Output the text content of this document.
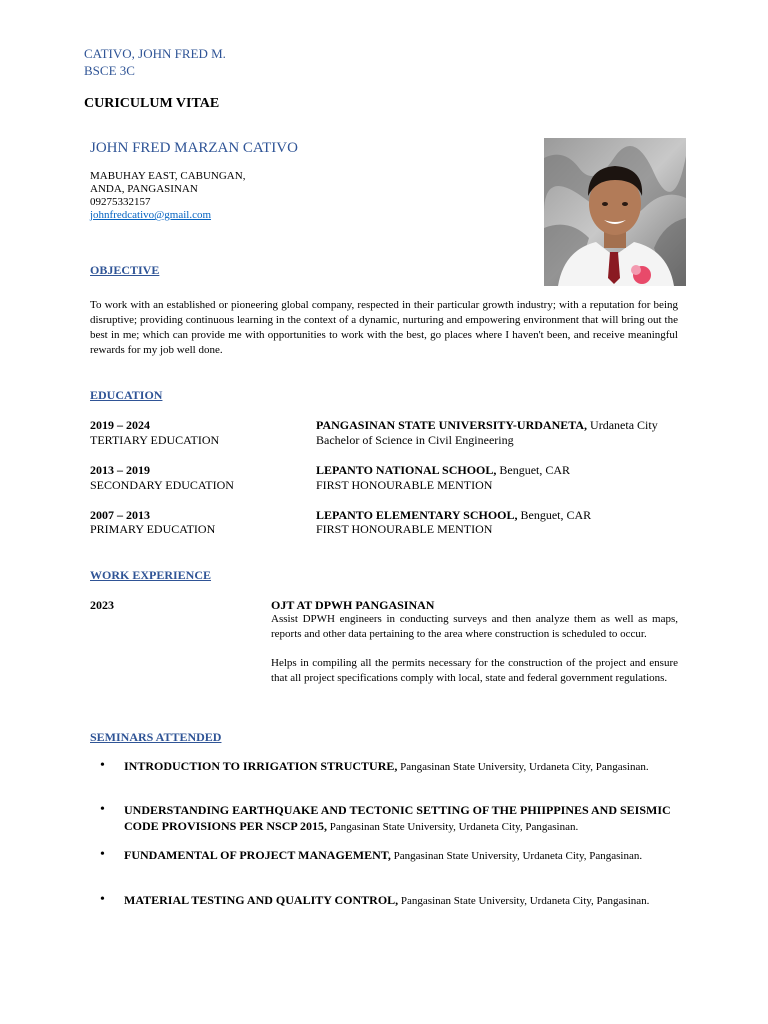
CATIVO, JOHN FRED M.
BSCE 3C
CURICULUM VITAE
JOHN FRED MARZAN CATIVO
MABUHAY EAST, CABUNGAN,
ANDA, PANGASINAN
09275332157
johnfredcativo@gmail.com
OBJECTIVE
To work with an established or pioneering global company, respected in their particular growth industry; with a reputation for being disruptive; providing continuous learning in the context of a dynamic, nurturing and empowering environment that will bring out the best in me; which can provide me with opportunities to work with the best, go places where I haven't been, and receive meaningful rewards for my job well done.
EDUCATION
2019 – 2024
TERTIARY EDUCATION
PANGASINAN STATE UNIVERSITY-URDANETA, Urdaneta City
Bachelor of Science in Civil Engineering
2013 – 2019
SECONDARY EDUCATION
LEPANTO NATIONAL SCHOOL, Benguet, CAR
FIRST HONOURABLE MENTION
2007 – 2013
PRIMARY EDUCATION
LEPANTO ELEMENTARY SCHOOL, Benguet, CAR
FIRST HONOURABLE MENTION
WORK EXPERIENCE
2023	OJT AT DPWH PANGASINAN
Assist DPWH engineers in conducting surveys and then analyze them as well as maps, reports and other data pertaining to the area where construction is scheduled to occur.
Helps in compiling all the permits necessary for the construction of the project and ensure that all project specifications comply with local, state and federal government regulations.
SEMINARS ATTENDED
• INTRODUCTION TO IRRIGATION STRUCTURE, Pangasinan State University, Urdaneta City, Pangasinan.
• UNDERSTANDING EARTHQUAKE AND TECTONIC SETTING OF THE PHIIPPINES AND SEISMIC CODE PROVISIONS PER NSCP 2015, Pangasinan State University, Urdaneta City, Pangasinan.
• FUNDAMENTAL OF PROJECT MANAGEMENT, Pangasinan State University, Urdaneta City, Pangasinan.
• MATERIAL TESTING AND QUALITY CONTROL, Pangasinan State University, Urdaneta City, Pangasinan.
